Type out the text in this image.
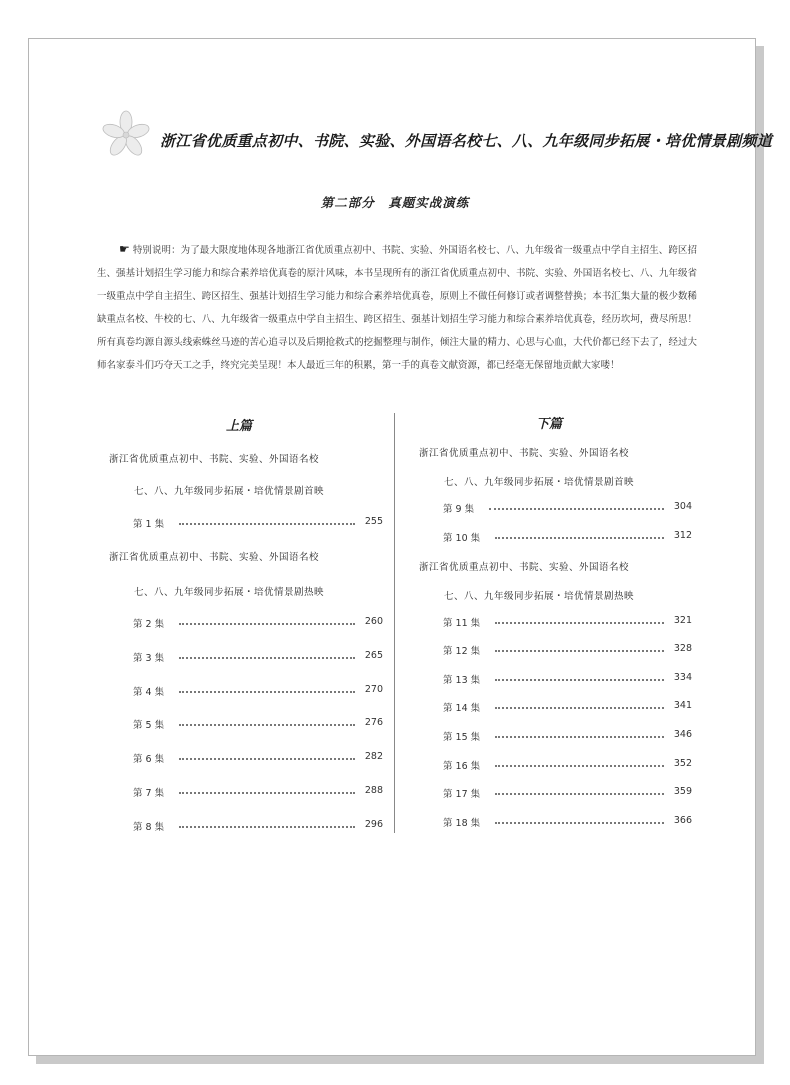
浙江省优质重点初中、书院、实验、外国语名校七、八、九年级同步拓展・培优情景剧频道
第二部分　真题实战演练
☛ 特别说明：为了最大限度地体现各地浙江省优质重点初中、书院、实验、外国语名校七、八、九年级省一级重点中学自主招生、跨区招生、强基计划招生学习能力和综合素养培优真卷的原汁风味，本书呈现所有的浙江省优质重点初中、书院、实验、外国语名校七、八、九年级省一级重点中学自主招生、跨区招生、强基计划招生学习能力和综合素养培优真卷，原则上不做任何修订或者调整替换；本书汇集大量的极少数稀缺重点名校、牛校的七、八、九年级省一级重点中学自主招生、跨区招生、强基计划招生学习能力和综合素养培优真卷，经历坎坷，费尽所思！所有真卷均源自源头线索蛛丝马迹的苦心追寻以及后期抢救式的挖掘整理与制作，倾注大量的精力、心思与心血，大代价都已经下去了，经过大师名家泰斗们巧夺天工之手，终究完美呈现！本人最近三年的积累，第一手的真卷文献资源，都已经毫无保留地贡献大家喽！
上篇
浙江省优质重点初中、书院、实验、外国语名校
七、八、九年级同步拓展・培优情景剧首映
第 1 集	255
浙江省优质重点初中、书院、实验、外国语名校
七、八、九年级同步拓展・培优情景剧热映
第 2 集	260
第 3 集	265
第 4 集	270
第 5 集	276
第 6 集	282
第 7 集	288
第 8 集	296
下篇
浙江省优质重点初中、书院、实验、外国语名校
七、八、九年级同步拓展・培优情景剧首映
第 9 集	304
第 10 集	312
浙江省优质重点初中、书院、实验、外国语名校
七、八、九年级同步拓展・培优情景剧热映
第 11 集	321
第 12 集	328
第 13 集	334
第 14 集	341
第 15 集	346
第 16 集	352
第 17 集	359
第 18 集	366
